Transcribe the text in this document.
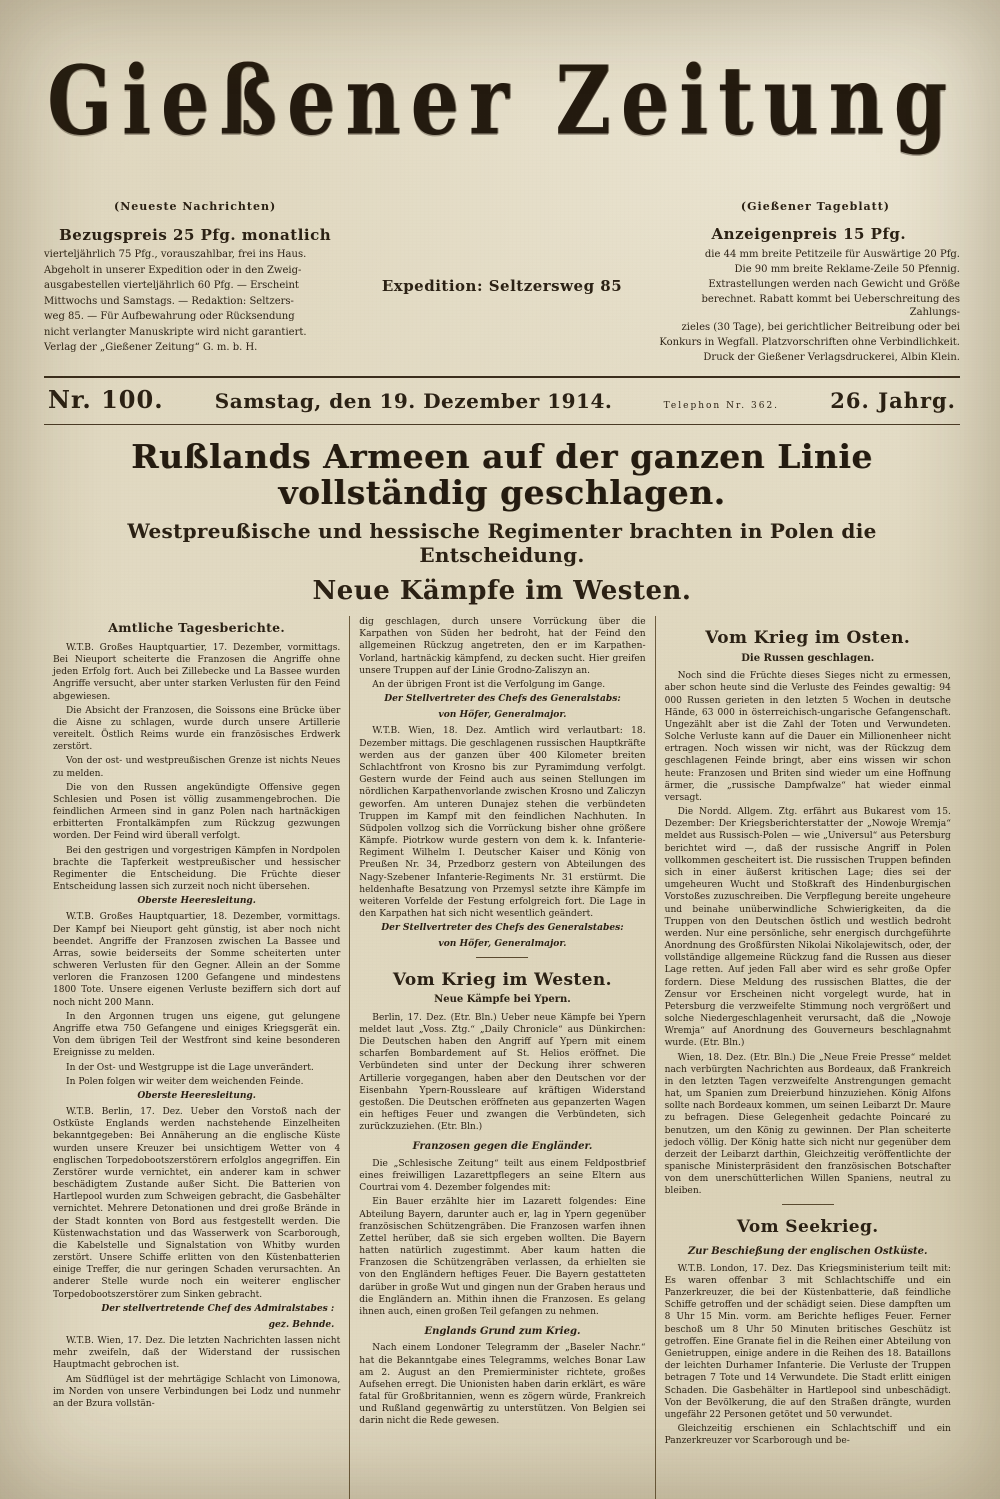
Gießener Zeitung
(Neueste Nachrichten)	(Gießener Tageblatt)
Bezugspreis 25 Pfg. monatlich

vierteljährlich 75 Pfg., vorauszahlbar, frei ins Haus.

Abgeholt in unserer Expedition oder in den Zweig-

ausgabestellen vierteljährlich 60 Pfg. — Erscheint

Mittwochs und Samstags. — Redaktion: Seltzers-

weg 85. — Für Aufbewahrung oder Rücksendung

nicht verlangter Manuskripte wird nicht garantiert.

Verlag der „Gießener Zeitung“ G. m. b. H.

Expedition: Seltzersweg 85
Anzeigenpreis 15 Pfg.

die 44 mm breite Petitzeile für Auswärtige 20 Pfg.

Die 90 mm breite Reklame-Zeile 50 Pfennig.

Extrastellungen werden nach Gewicht und Größe

berechnet. Rabatt kommt bei Ueberschreitung des Zahlungs-

zieles (30 Tage), bei gerichtlicher Beitreibung oder bei

Konkurs in Wegfall. Platzvorschriften ohne Verbindlichkeit.

Druck der Gießener Verlagsdruckerei, Albin Klein.

Nr. 100.	Samstag, den 19. Dezember 1914.	Telephon Nr. 362. 26. Jahrg.
Rußlands Armeen auf der ganzen Linie vollständig geschlagen.
Westpreußische und hessische Regimenter brachten in Polen die Entscheidung.
Neue Kämpfe im Westen.
Amtliche Tagesberichte.

W.T.B. Großes Hauptquartier, 17. Dezember, vormittags. Bei Nieuport scheiterte die Franzosen die Angriffe ohne jeden Erfolg fort. Auch bei Zillebecke und La Bassee wurden Angriffe versucht, aber unter starken Verlusten für den Feind abgewiesen.

Die Absicht der Franzosen, die Soissons eine Brücke über die Aisne zu schlagen, wurde durch unsere Artillerie vereitelt. Östlich Reims wurde ein französisches Erdwerk zerstört.

Von der ost- und westpreußischen Grenze ist nichts Neues zu melden.

Die von den Russen angekündigte Offensive gegen Schlesien und Posen ist völlig zusammengebrochen. Die feindlichen Armeen sind in ganz Polen nach hartnäckigen erbitterten Frontalkämpfen zum Rückzug gezwungen worden. Der Feind wird überall verfolgt.

Bei den gestrigen und vorgestrigen Kämpfen in Nordpolen brachte die Tapferkeit westpreußischer und hessischer Regimenter die Entscheidung. Die Früchte dieser Entscheidung lassen sich zurzeit noch nicht übersehen.

Oberste Heeresleitung.

W.T.B. Großes Hauptquartier, 18. Dezember, vormittags. Der Kampf bei Nieuport geht günstig, ist aber noch nicht beendet. Angriffe der Franzosen zwischen La Bassee und Arras, sowie beiderseits der Somme scheiterten unter schweren Verlusten für den Gegner. Allein an der Somme verloren die Franzosen 1200 Gefangene und mindestens 1800 Tote. Unsere eigenen Verluste beziffern sich dort auf noch nicht 200 Mann.

In den Argonnen trugen uns eigene, gut gelungene Angriffe etwa 750 Gefangene und einiges Kriegsgerät ein. Von dem übrigen Teil der Westfront sind keine besonderen Ereignisse zu melden.

In der Ost- und Westgruppe ist die Lage unverändert.

In Polen folgen wir weiter dem weichenden Feinde.

Oberste Heeresleitung.

W.T.B. Berlin, 17. Dez. Ueber den Vorstoß nach der Ostküste Englands werden nachstehende Einzelheiten bekanntgegeben: Bei Annäherung an die englische Küste wurden unsere Kreuzer bei unsichtigem Wetter von 4 englischen Torpedobootszerstörern erfolglos angegriffen. Ein Zerstörer wurde vernichtet, ein anderer kam in schwer beschädigtem Zustande außer Sicht. Die Batterien von Hartlepool wurden zum Schweigen gebracht, die Gasbehälter vernichtet. Mehrere Detonationen und drei große Brände in der Stadt konnten von Bord aus festgestellt werden. Die Küstenwachstation und das Wasserwerk von Scarborough, die Kabelstelle und Signalstation von Whitby wurden zerstört. Unsere Schiffe erlitten von den Küstenbatterien einige Treffer, die nur geringen Schaden verursachten. An anderer Stelle wurde noch ein weiterer englischer Torpedobootszerstörer zum Sinken gebracht.

Der stellvertretende Chef des Admiralstabes :
gez. Behnde.

W.T.B. Wien, 17. Dez. Die letzten Nachrichten lassen nicht mehr zweifeln, daß der Widerstand der russischen Hauptmacht gebrochen ist.

Am Südflügel ist der mehrtägige Schlacht von Limonowa, im Norden von unsere Verbindungen bei Lodz und nunmehr an der Bzura vollstän-

dig geschlagen, durch unsere Vorrückung über die Karpathen von Süden her bedroht, hat der Feind den allgemeinen Rückzug angetreten, den er im Karpathen-Vorland, hartnäckig kämpfend, zu decken sucht. Hier greifen unsere Truppen auf der Linie Grodno-Zaliszyn an.

An der übrigen Front ist die Verfolgung im Gange.

Der Stellvertreter des Chefs des Generalstabs:
von Höfer, Generalmajor.

W.T.B. Wien, 18. Dez. Amtlich wird verlautbart: 18. Dezember mittags. Die geschlagenen russischen Hauptkräfte werden aus der ganzen über 400 Kilometer breiten Schlachtfront von Krosno bis zur Pyramimdung verfolgt. Gestern wurde der Feind auch aus seinen Stellungen im nördlichen Karpathenvorlande zwischen Krosno und Zaliczyn geworfen. Am unteren Dunajez stehen die verbündeten Truppen im Kampf mit den feindlichen Nachhuten. In Südpolen vollzog sich die Vorrückung bisher ohne größere Kämpfe. Piotrkow wurde gestern von dem k. k. Infanterie-Regiment Wilhelm I. Deutscher Kaiser und König von Preußen Nr. 34, Przedborz gestern von Abteilungen des Nagy-Szebener Infanterie-Regiments Nr. 31 erstürmt. Die heldenhafte Besatzung von Przemysl setzte ihre Kämpfe im weiteren Vorfelde der Festung erfolgreich fort. Die Lage in den Karpathen hat sich nicht wesentlich geändert.

Der Stellvertreter des Chefs des Generalstabes:
von Höfer, Generalmajor.
Vom Krieg im Westen.
Neue Kämpfe bei Ypern.

Berlin, 17. Dez. (Etr. Bln.) Ueber neue Kämpfe bei Ypern meldet laut „Voss. Ztg.“ „Daily Chronicle“ aus Dünkirchen: Die Deutschen haben den Angriff auf Ypern mit einem scharfen Bombardement auf St. Helios eröffnet. Die Verbündeten sind unter der Deckung ihrer schweren Artillerie vorgegangen, haben aber den Deutschen vor der Eisenbahn Ypern-Roussleare auf kräftigen Widerstand gestoßen. Die Deutschen eröffneten aus gepanzerten Wagen ein heftiges Feuer und zwangen die Verbündeten, sich zurückzuziehen. (Etr. Bln.)

Franzosen gegen die Engländer.

Die „Schlesische Zeitung“ teilt aus einem Feldpostbrief eines freiwilligen Lazarettpflegers an seine Eltern aus Courtrai vom 4. Dezember folgendes mit:

Ein Bauer erzählte hier im Lazarett folgendes: Eine Abteilung Bayern, darunter auch er, lag in Ypern gegenüber französischen Schützengräben. Die Franzosen warfen ihnen Zettel herüber, daß sie sich ergeben wollten. Die Bayern hatten natürlich zugestimmt. Aber kaum hatten die Franzosen die Schützengräben verlassen, da erhielten sie von den Engländern heftiges Feuer. Die Bayern gestatteten darüber in große Wut und gingen nun der Graben heraus und die Engländern an. Mithin ihnen die Franzosen. Es gelang ihnen auch, einen großen Teil gefangen zu nehmen.

Englands Grund zum Krieg.

Nach einem Londoner Telegramm der „Baseler Nachr.“ hat die Bekanntgabe eines Telegramms, welches Bonar Law am 2. August an den Premierminister richtete, großes Aufsehen erregt. Die Unionisten haben darin erklärt, es wäre fatal für Großbritannien, wenn es zögern würde, Frankreich und Rußland gegenwärtig zu unterstützen. Von Belgien sei darin nicht die Rede gewesen.

Vom Krieg im Osten.
Die Russen geschlagen.

Noch sind die Früchte dieses Sieges nicht zu ermessen, aber schon heute sind die Verluste des Feindes gewaltig: 94 000 Russen gerieten in den letzten 5 Wochen in deutsche Hände, 63 000 in österreichisch-ungarische Gefangenschaft. Ungezählt aber ist die Zahl der Toten und Verwundeten. Solche Verluste kann auf die Dauer ein Millionenheer nicht ertragen. Noch wissen wir nicht, was der Rückzug dem geschlagenen Feinde bringt, aber eins wissen wir schon heute: Franzosen und Briten sind wieder um eine Hoffnung ärmer, die „russische Dampfwalze“ hat wieder einmal versagt.

Die Nordd. Allgem. Ztg. erfährt aus Bukarest vom 15. Dezember: Der Kriegsberichterstatter der „Nowoje Wremja“ meldet aus Russisch-Polen — wie „Universul“ aus Petersburg berichtet wird —, daß der russische Angriff in Polen vollkommen gescheitert ist. Die russischen Truppen befinden sich in einer äußerst kritischen Lage; dies sei der umgeheuren Wucht und Stoßkraft des Hindenburgischen Vorstoßes zuzuschreiben. Die Verpflegung bereite ungeheure und beinahe unüberwindliche Schwierigkeiten, da die Truppen von den Deutschen östlich und westlich bedroht werden. Nur eine persönliche, sehr energisch durchgeführte Anordnung des Großfürsten Nikolai Nikolajewitsch, oder, der vollständige allgemeine Rückzug fand die Russen aus dieser Lage retten. Auf jeden Fall aber wird es sehr große Opfer fordern. Diese Meldung des russischen Blattes, die der Zensur vor Erscheinen nicht vorgelegt wurde, hat in Petersburg die verzweifelte Stimmung noch vergrößert und solche Niedergeschlagenheit verursacht, daß die „Nowoje Wremja“ auf Anordnung des Gouverneurs beschlagnahmt wurde. (Etr. Bln.)

Wien, 18. Dez. (Etr. Bln.) Die „Neue Freie Presse“ meldet nach verbürgten Nachrichten aus Bordeaux, daß Frankreich in den letzten Tagen verzweifelte Anstrengungen gemacht hat, um Spanien zum Dreierbund hinzuziehen. König Alfons sollte nach Bordeaux kommen, um seinen Leibarzt Dr. Maure zu befragen. Diese Gelegenheit gedachte Poincaré zu benutzen, um den König zu gewinnen. Der Plan scheiterte jedoch völlig. Der König hatte sich nicht nur gegenüber dem derzeit der Leibarzt darthin, Gleichzeitig veröffentlichte der spanische Ministerpräsident den französischen Botschafter von dem unerschütterlichen Willen Spaniens, neutral zu bleiben.

Vom Seekrieg.
Zur Beschießung der englischen Ostküste.

W.T.B. London, 17. Dez. Das Kriegsministerium teilt mit: Es waren offenbar 3 mit Schlachtschiffe und ein Panzerkreuzer, die bei der Küstenbatterie, daß feindliche Schiffe getroffen und der schädigt seien. Diese dampften um 8 Uhr 15 Min. vorm. am Berichte hefliges Feuer. Ferner beschoß um 8 Uhr 50 Minuten britisches Geschütz ist getroffen. Eine Granate fiel in die Reihen einer Abteilung von Genietruppen, einige andere in die Reihen des 18. Bataillons der leichten Durhamer Infanterie. Die Verluste der Truppen betragen 7 Tote und 14 Verwundete. Die Stadt erlitt einigen Schaden. Die Gasbehälter in Hartlepool sind unbeschädigt. Von der Bevölkerung, die auf den Straßen drängte, wurden ungefähr 22 Personen getötet und 50 verwundet.

Gleichzeitig erschienen ein Schlachtschiff und ein Panzerkreuzer vor Scarborough und be-
